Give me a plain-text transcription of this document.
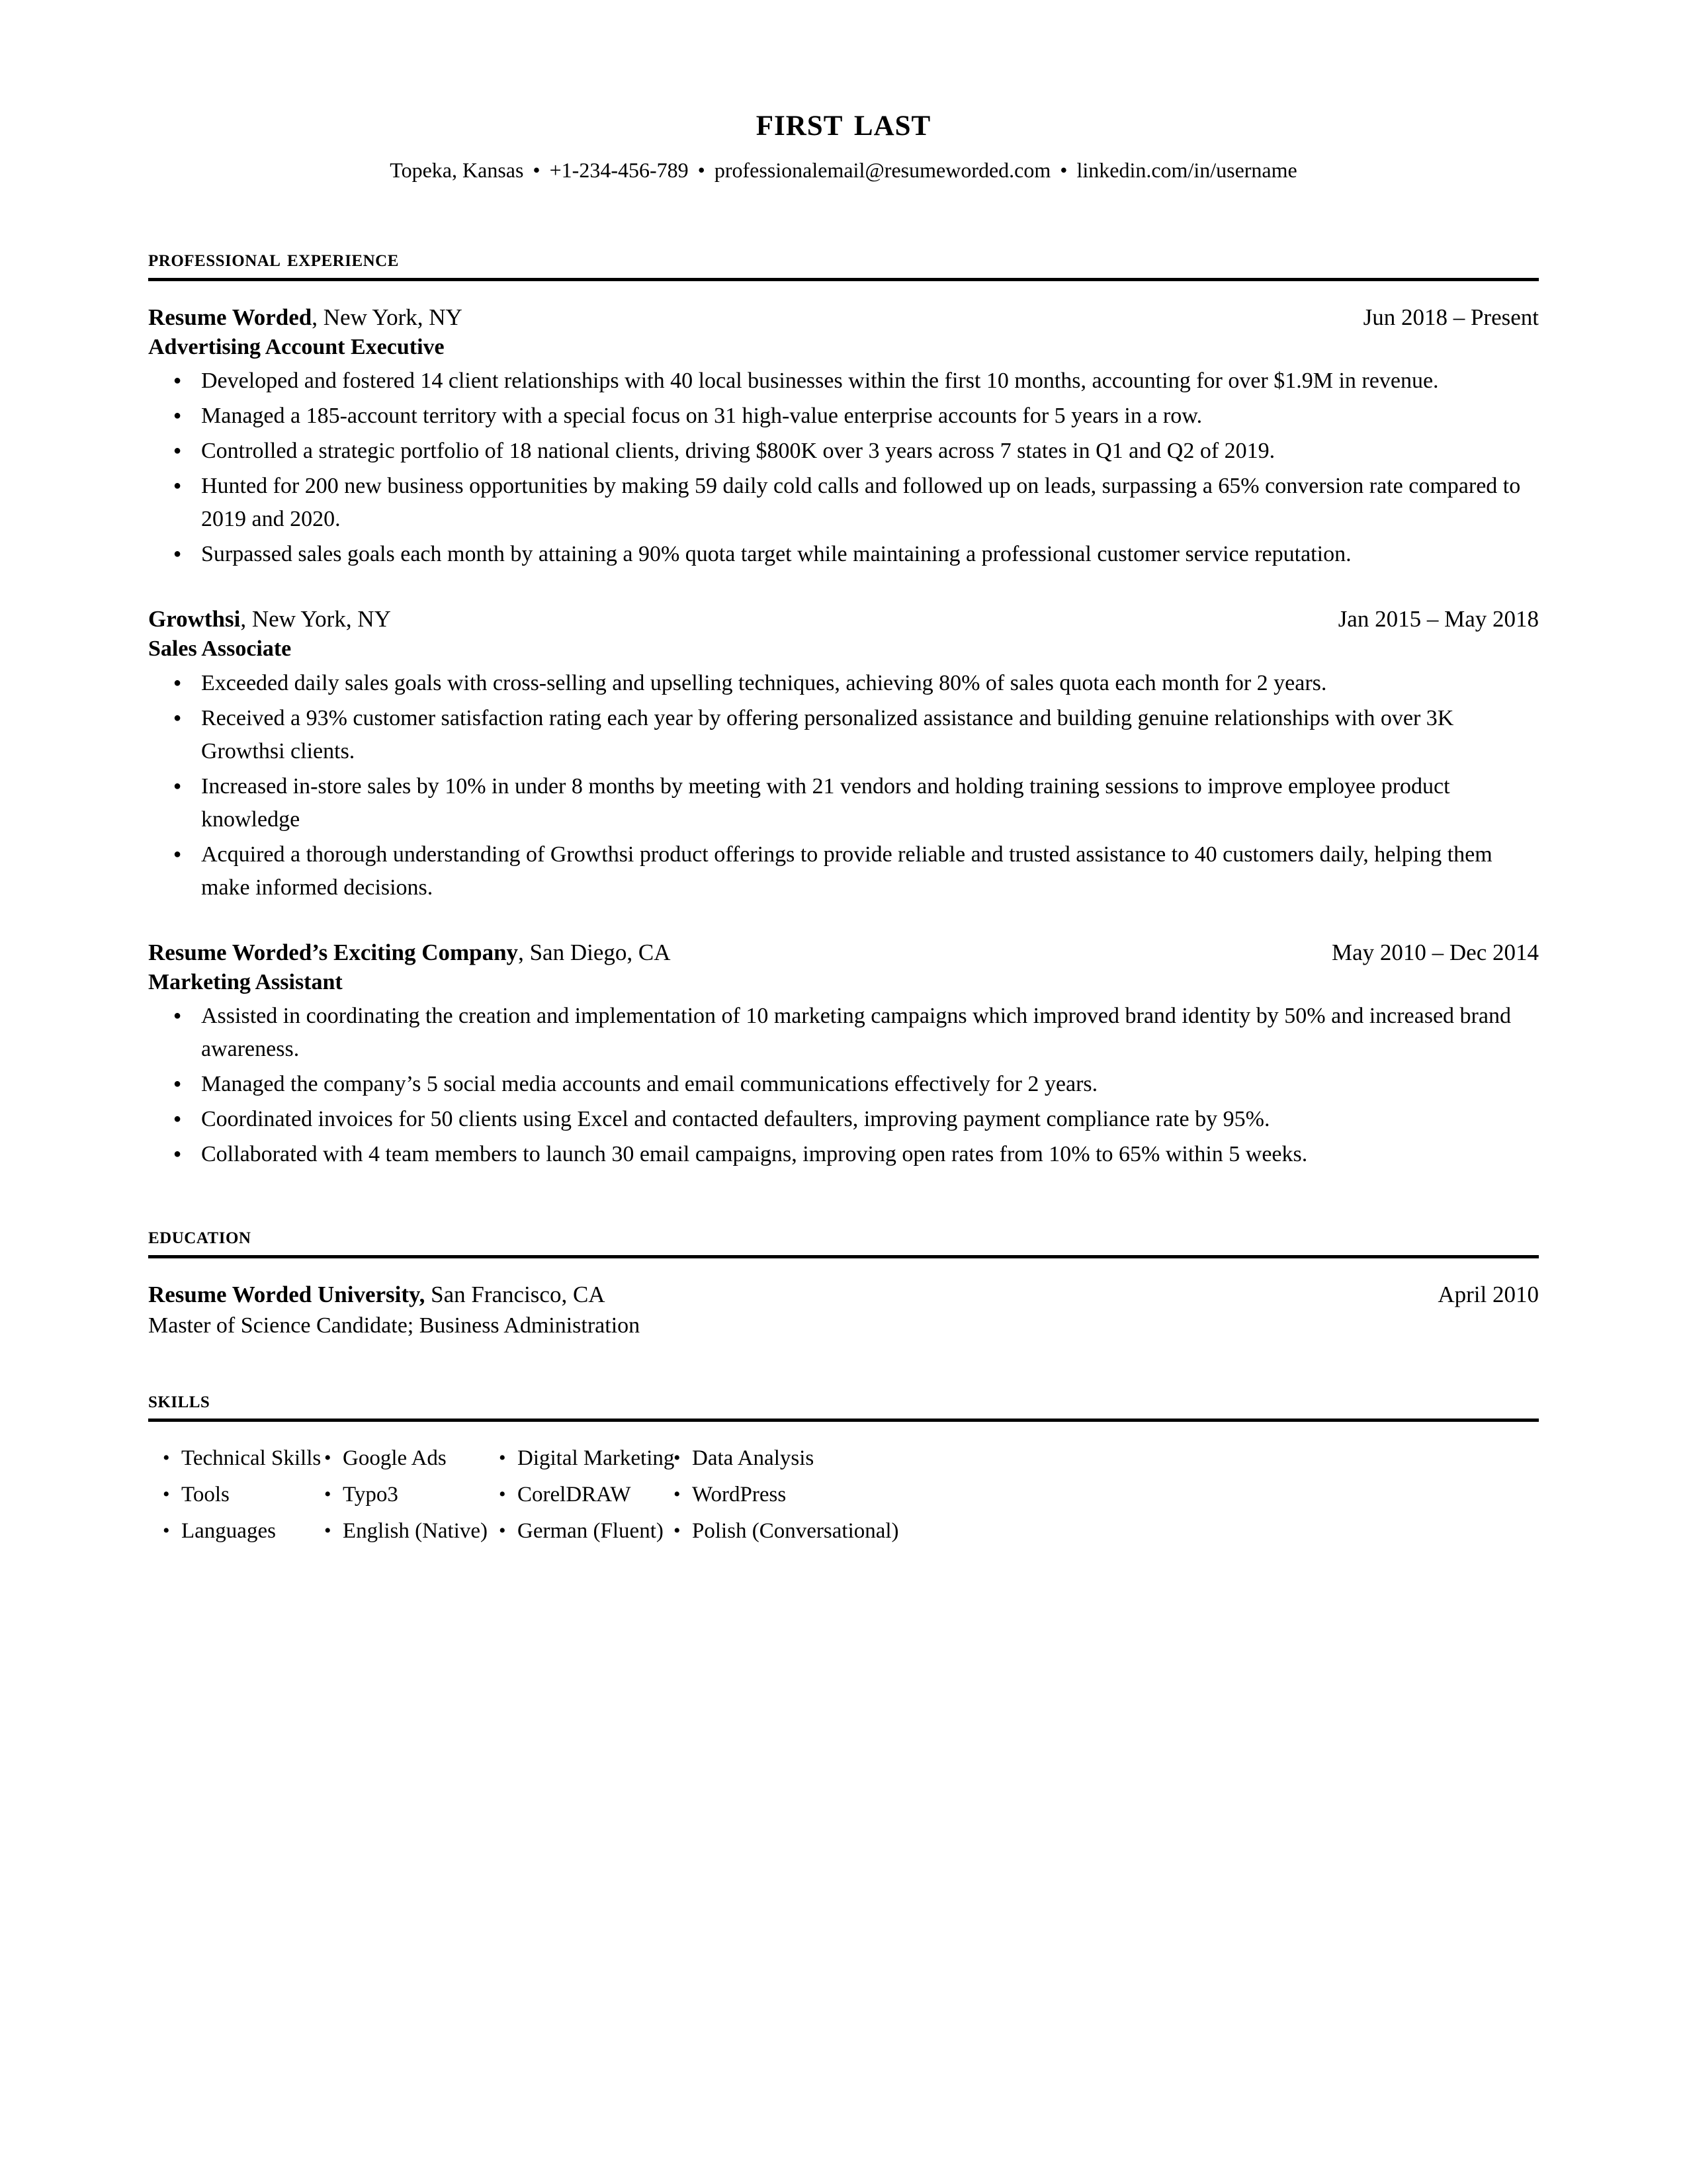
first last
Topeka, Kansas • +1-234-456-789 • professionalemail@resumeworded.com • linkedin.com/in/username
professional experience
Resume Worded, New York, NY	Jun 2018 – Present
Advertising Account Executive
● Developed and fostered 14 client relationships with 40 local businesses within the first 10 months, accounting for over $1.9M in revenue.
● Managed a 185-account territory with a special focus on 31 high-value enterprise accounts for 5 years in a row.
● Controlled a strategic portfolio of 18 national clients, driving $800K over 3 years across 7 states in Q1 and Q2 of 2019.
● Hunted for 200 new business opportunities by making 59 daily cold calls and followed up on leads, surpassing a 65% conversion rate compared to 2019 and 2020.
● Surpassed sales goals each month by attaining a 90% quota target while maintaining a professional customer service reputation.
Growthsi, New York, NY	Jan 2015 – May 2018
Sales Associate
● Exceeded daily sales goals with cross-selling and upselling techniques, achieving 80% of sales quota each month for 2 years.
● Received a 93% customer satisfaction rating each year by offering personalized assistance and building genuine relationships with over 3K Growthsi clients.
● Increased in-store sales by 10% in under 8 months by meeting with 21 vendors and holding training sessions to improve employee product knowledge
● Acquired a thorough understanding of Growthsi product offerings to provide reliable and trusted assistance to 40 customers daily, helping them make informed decisions.
Resume Worded’s Exciting Company, San Diego, CA	May 2010 – Dec 2014
Marketing Assistant
● Assisted in coordinating the creation and implementation of 10 marketing campaigns which improved brand identity by 50% and increased brand awareness.
● Managed the company’s 5 social media accounts and email communications effectively for 2 years.
● Coordinated invoices for 50 clients using Excel and contacted defaulters, improving payment compliance rate by 95%.
● Collaborated with 4 team members to launch 30 email campaigns, improving open rates from 10% to 65% within 5 weeks.
education
Resume Worded University, San Francisco, CA	April 2010
Master of Science Candidate; Business Administration
skills
• Technical Skills • Google Ads	• Digital Marketing • Data Analysis
• Tools	• Typo3	• CorelDRAW	• WordPress
• Languages	• English (Native)	• German (Fluent)	• Polish (Conversational)
